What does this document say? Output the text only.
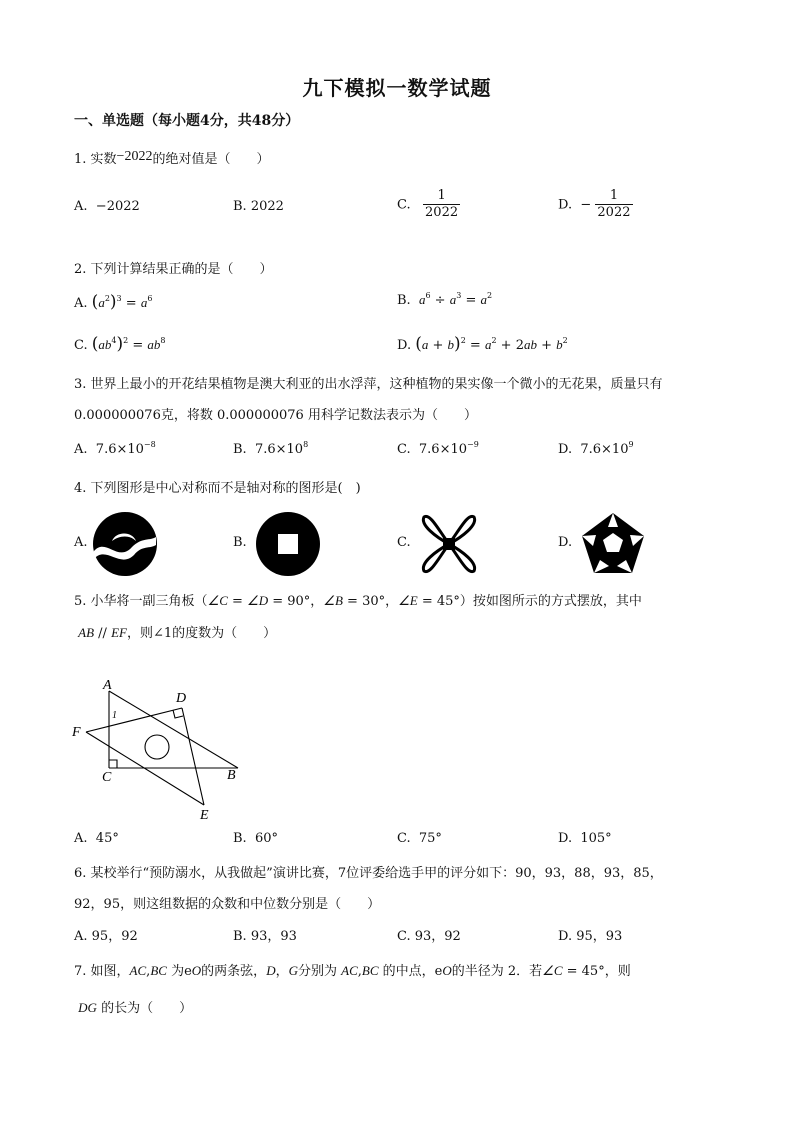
九下模拟一数学试题
一、单选题（每小题4分，共48分）
1. 实数−2022的绝对值是（　　）
A. −2022	B. 2022	C. $\frac{1}{2022}$	D. − $\frac{1}{2022}$
2. 下列计算结果正确的是（　　）
A. $(a^2)^3 = a^6$	B. $a^6 \div a^3 = a^2$
C. $(ab^4)^2 = ab^8$	D. $(a + b)^2 = a^2 + 2ab + b^2$
3. 世界上最小的开花结果植物是澳大利亚的出水浮萍，这种植物的果实像一个微小的无花果，质量只有
0.000000076克，将数 0.000000076 用科学记数法表示为（　　）
A. $7.6\times 10^{-8}$	B. $7.6\times 10^8$	C. $7.6\times 10^{-9}$	D. $7.6\times 10^9$
4. 下列图形是中心对称而不是轴对称的图形是(　)
A.	B.	C.	D.
5. 小华将一副三角板（∠C = ∠D = 90°，∠B = 30°，∠E = 45°）按如图所示的方式摆放，其中
AB // EF，则∠1的度数为（　　）
A
D
F
C	B
E
1
A. 45°	B. 60°	C. 75°	D. 105°
6. 某校举行“预防溺水，从我做起”演讲比赛，7位评委给选手甲的评分如下：90，93，88，93，85，
92，95，则这组数据的众数和中位数分别是（　　）
A. 95，92	B. 93，93	C. 93，92	D. 95，93
7. 如图，AC,BC 为eO的两条弦，D，G分别为 AC,BC 的中点，eO的半径为 2．若∠C = 45°，则
DG 的长为（　　）
